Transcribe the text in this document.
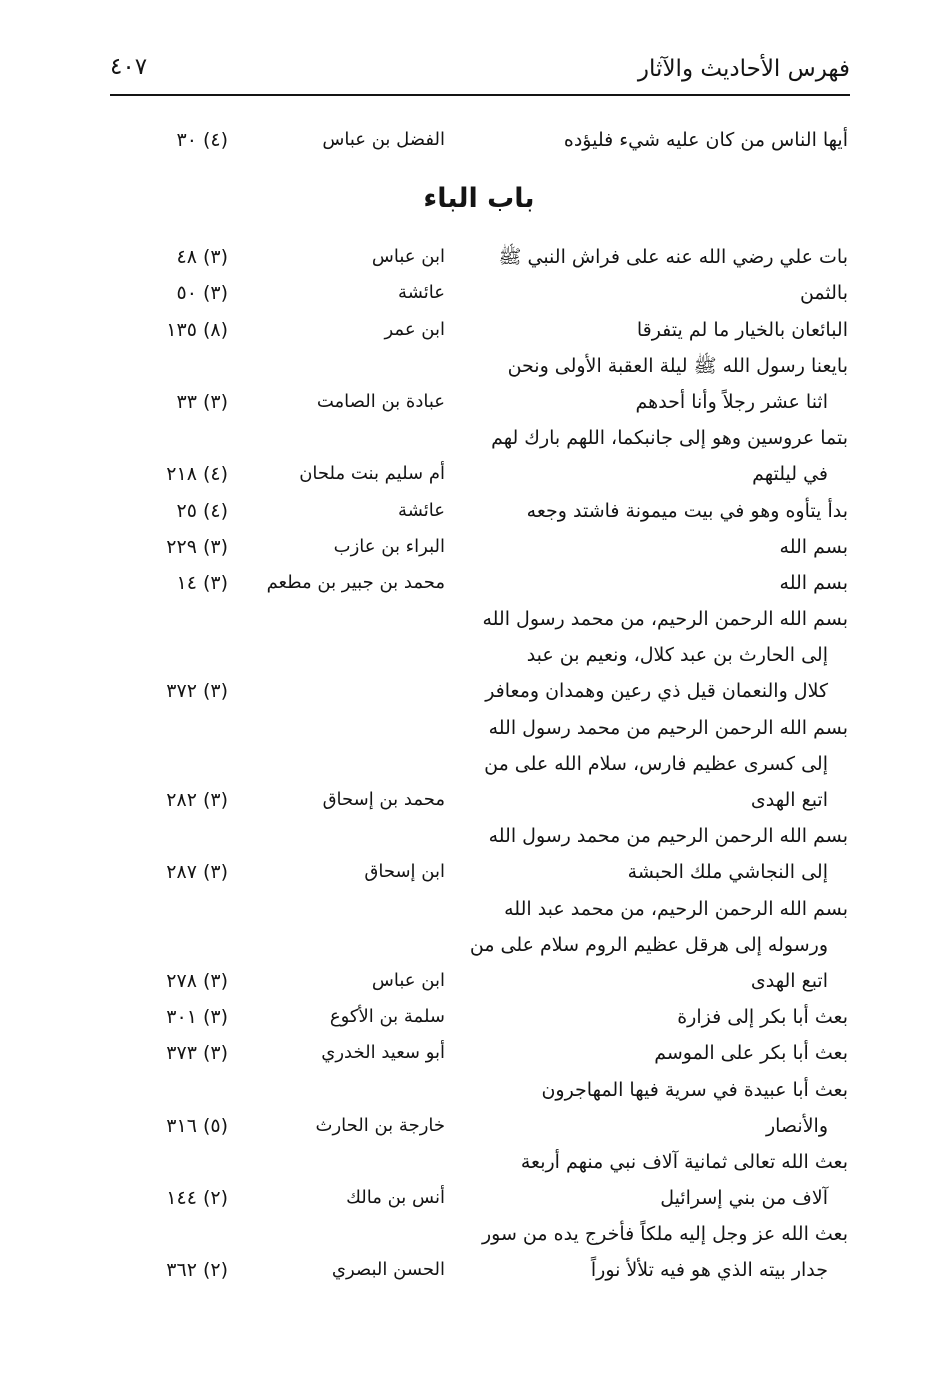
فهرس الأحاديث والآثار
٤٠٧
أيها الناس من كان عليه شيء فليؤده
الفضل بن عباس
(٤) ٣٠
باب الباء
بات علي رضي الله عنه على فراش النبي ﷺ
ابن عباس
(٣) ٤٨
بالثمن
عائشة
(٣) ٥٠
البائعان بالخيار ما لم يتفرقا
ابن عمر
(٨) ١٣٥
بايعنا رسول الله ﷺ ليلة العقبة الأولى ونحن
اثنا عشر رجلاً وأنا أحدهم
عبادة بن الصامت
(٣) ٣٣
بتما عروسين وهو إلى جانبكما، اللهم بارك لهم
في ليلتهم
أم سليم بنت ملحان
(٤) ٢١٨
بدأ يتأوه وهو في بيت ميمونة فاشتد وجعه
عائشة
(٤) ٢٥
بسم الله
البراء بن عازب
(٣) ٢٢٩
بسم الله
محمد بن جبير بن مطعم
(٣) ١٤
بسم الله الرحمن الرحيم، من محمد رسول الله
إلى الحارث بن عبد كلال، ونعيم بن عبد
كلال والنعمان قيل ذي رعين وهمدان ومعافر
(٣) ٣٧٢
بسم الله الرحمن الرحيم من محمد رسول الله
إلى كسرى عظيم فارس، سلام الله على من
اتبع الهدى
محمد بن إسحاق
(٣) ٢٨٢
بسم الله الرحمن الرحيم من محمد رسول الله
إلى النجاشي ملك الحبشة
ابن إسحاق
(٣) ٢٨٧
بسم الله الرحمن الرحيم، من محمد عبد الله
ورسوله إلى هرقل عظيم الروم سلام على من
اتبع الهدى
ابن عباس
(٣) ٢٧٨
بعث أبا بكر إلى فزارة
سلمة بن الأكوع
(٣) ٣٠١
بعث أبا بكر على الموسم
أبو سعيد الخدري
(٣) ٣٧٣
بعث أبا عبيدة في سرية فيها المهاجرون
والأنصار
خارجة بن الحارث
(٥) ٣١٦
بعث الله تعالى ثمانية آلاف نبي منهم أربعة
آلاف من بني إسرائيل
أنس بن مالك
(٢) ١٤٤
بعث الله عز وجل إليه ملكاً فأخرج يده من سور
جدار بيته الذي هو فيه تلألأ نوراً
الحسن البصري
(٢) ٣٦٢
